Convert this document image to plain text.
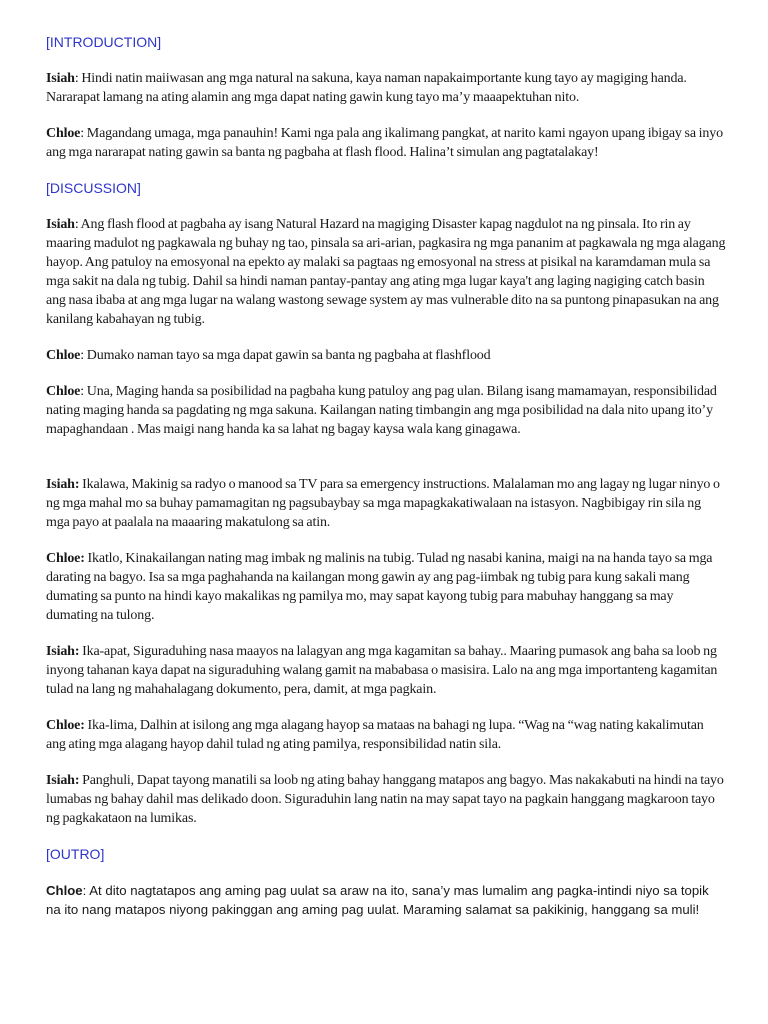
[INTRODUCTION]

Isiah: Hindi natin maiiwasan ang mga natural na sakuna, kaya naman napakaimportante kung tayo ay magiging handa. Nararapat lamang na ating alamin ang mga dapat nating gawin kung tayo ma’y maaapektuhan nito.

Chloe: Magandang umaga, mga panauhin! Kami nga pala ang ikalimang pangkat, at narito kami ngayon upang ibigay sa inyo ang mga nararapat nating gawin sa banta ng pagbaha at flash flood. Halina’t simulan ang pagtatalakay!

[DISCUSSION]

Isiah: Ang flash flood at pagbaha ay isang Natural Hazard na magiging Disaster kapag nagdulot na ng pinsala. Ito rin ay maaring madulot ng pagkawala ng buhay ng tao, pinsala sa ari-arian, pagkasira ng mga pananim at pagkawala ng mga alagang hayop. Ang patuloy na emosyonal na epekto ay malaki sa pagtaas ng emosyonal na stress at pisikal na karamdaman mula sa mga sakit na dala ng tubig. Dahil sa hindi naman pantay-pantay ang ating mga lugar kaya't ang laging nagiging catch basin ang nasa ibaba at ang mga lugar na walang wastong sewage system ay mas vulnerable dito na sa puntong pinapasukan na ang kanilang kabahayan ng tubig.

Chloe: Dumako naman tayo sa mga dapat gawin sa banta ng pagbaha at flashflood

Chloe: Una, Maging handa sa posibilidad na pagbaha kung patuloy ang pag ulan. Bilang isang mamamayan, responsibilidad nating maging handa sa pagdating ng mga sakuna. Kailangan nating timbangin ang mga posibilidad na dala nito upang ito’y mapaghandaan . Mas maigi nang handa ka sa lahat ng bagay kaysa wala kang ginagawa.

Isiah: Ikalawa, Makinig sa radyo o manood sa TV para sa emergency instructions. Malalaman mo ang lagay ng lugar ninyo o ng mga mahal mo sa buhay pamamagitan ng pagsubaybay sa mga mapagkakatiwalaan na istasyon. Nagbibigay rin sila ng mga payo at paalala na maaaring makatulong sa atin.

Chloe: Ikatlo, Kinakailangan nating mag imbak ng malinis na tubig. Tulad ng nasabi kanina, maigi na na handa tayo sa mga darating na bagyo. Isa sa mga paghahanda na kailangan mong gawin ay ang pag-iimbak ng tubig para kung sakali mang dumating sa punto na hindi kayo makalikas ng pamilya mo, may sapat kayong tubig para mabuhay hanggang sa may dumating na tulong.

Isiah: Ika-apat, Siguraduhing nasa maayos na lalagyan ang mga kagamitan sa bahay.. Maaring pumasok ang baha sa loob ng inyong tahanan kaya dapat na siguraduhing walang gamit na mababasa o masisira. Lalo na ang mga importanteng kagamitan tulad na lang ng mahahalagang dokumento, pera, damit, at mga pagkain.

Chloe: Ika-lima, Dalhin at isilong ang mga alagang hayop sa mataas na bahagi ng lupa. “Wag na “wag nating kakalimutan ang ating mga alagang hayop dahil tulad ng ating pamilya, responsibilidad natin sila.

Isiah: Panghuli, Dapat tayong manatili sa loob ng ating bahay hanggang matapos ang bagyo. Mas nakakabuti na hindi na tayo lumabas ng bahay dahil mas delikado doon. Siguraduhin lang natin na may sapat tayo na pagkain hanggang magkaroon tayo ng pagkakataon na lumikas.

[OUTRO]

Chloe: At dito nagtatapos ang aming pag uulat sa araw na ito, sana’y mas lumalim ang pagka-intindi niyo sa topik na ito nang matapos niyong pakinggan ang aming pag uulat. Maraming salamat sa pakikinig, hanggang sa muli!
